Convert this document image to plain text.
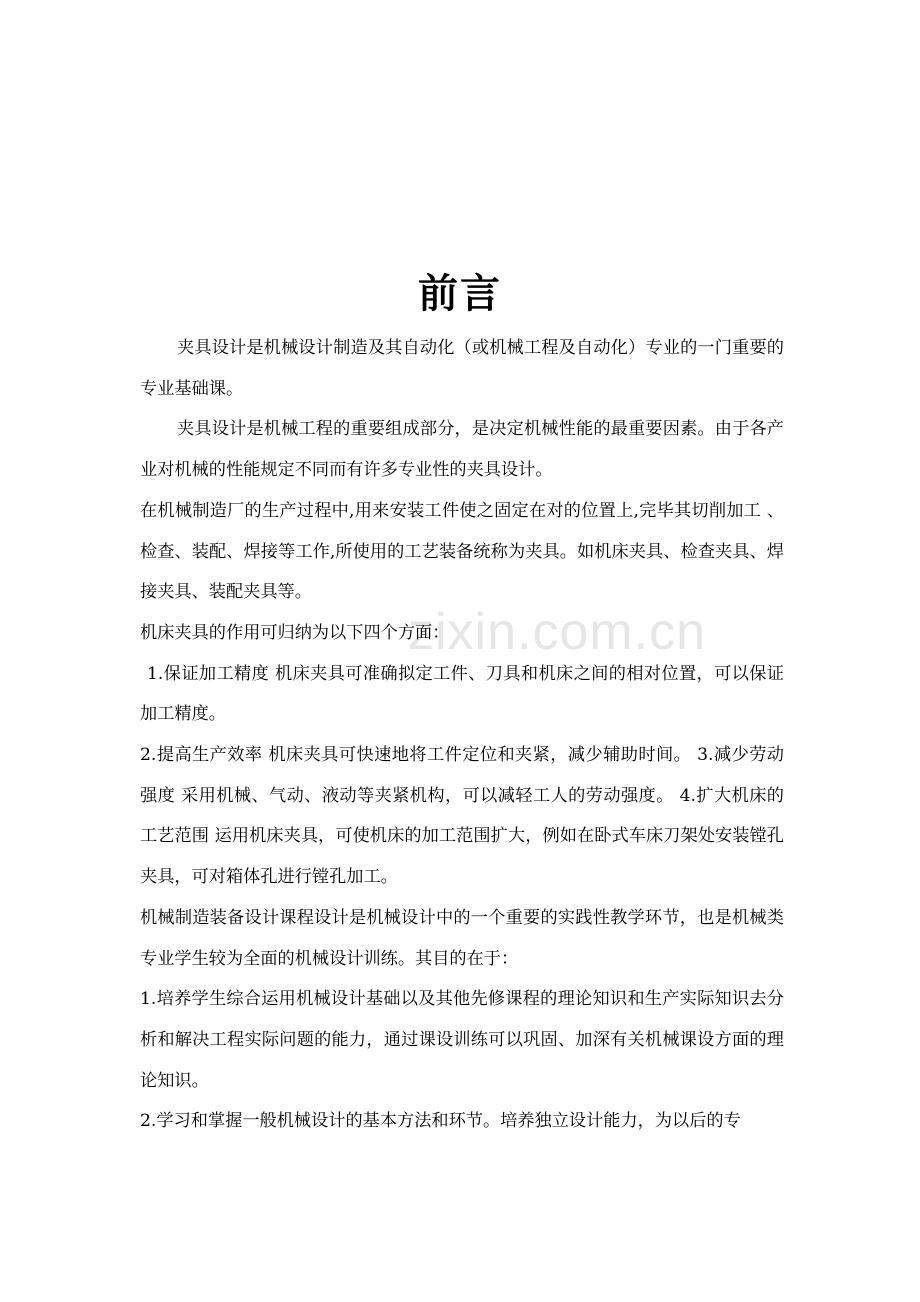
zixin.com.cn
前言

夹具设计是机械设计制造及其自动化（或机械工程及自动化）专业的一门重要的专业基础课。

夹具设计是机械工程的重要组成部分，是决定机械性能的最重要因素。由于各产业对机械的性能规定不同而有许多专业性的夹具设计。

在机械制造厂的生产过程中,用来安装工件使之固定在对的位置上,完毕其切削加工 、检查、装配、焊接等工作,所使用的工艺装备统称为夹具。如机床夹具、检查夹具、焊接夹具、装配夹具等。

机床夹具的作用可归纳为以下四个方面：

1.保证加工精度 机床夹具可准确拟定工件、刀具和机床之间的相对位置，可以保证加工精度。

2.提高生产效率 机床夹具可快速地将工件定位和夹紧，减少辅助时间。 3.减少劳动强度 采用机械、气动、液动等夹紧机构，可以减轻工人的劳动强度。 4.扩大机床的工艺范围 运用机床夹具，可使机床的加工范围扩大，例如在卧式车床刀架处安装镗孔夹具，可对箱体孔进行镗孔加工。

机械制造装备设计课程设计是机械设计中的一个重要的实践性教学环节，也是机械类专业学生较为全面的机械设计训练。其目的在于：

1.培养学生综合运用机械设计基础以及其他先修课程的理论知识和生产实际知识去分析和解决工程实际问题的能力，通过课设训练可以巩固、加深有关机械课设方面的理论知识。

2.学习和掌握一般机械设计的基本方法和环节。培养独立设计能力，为以后的专
